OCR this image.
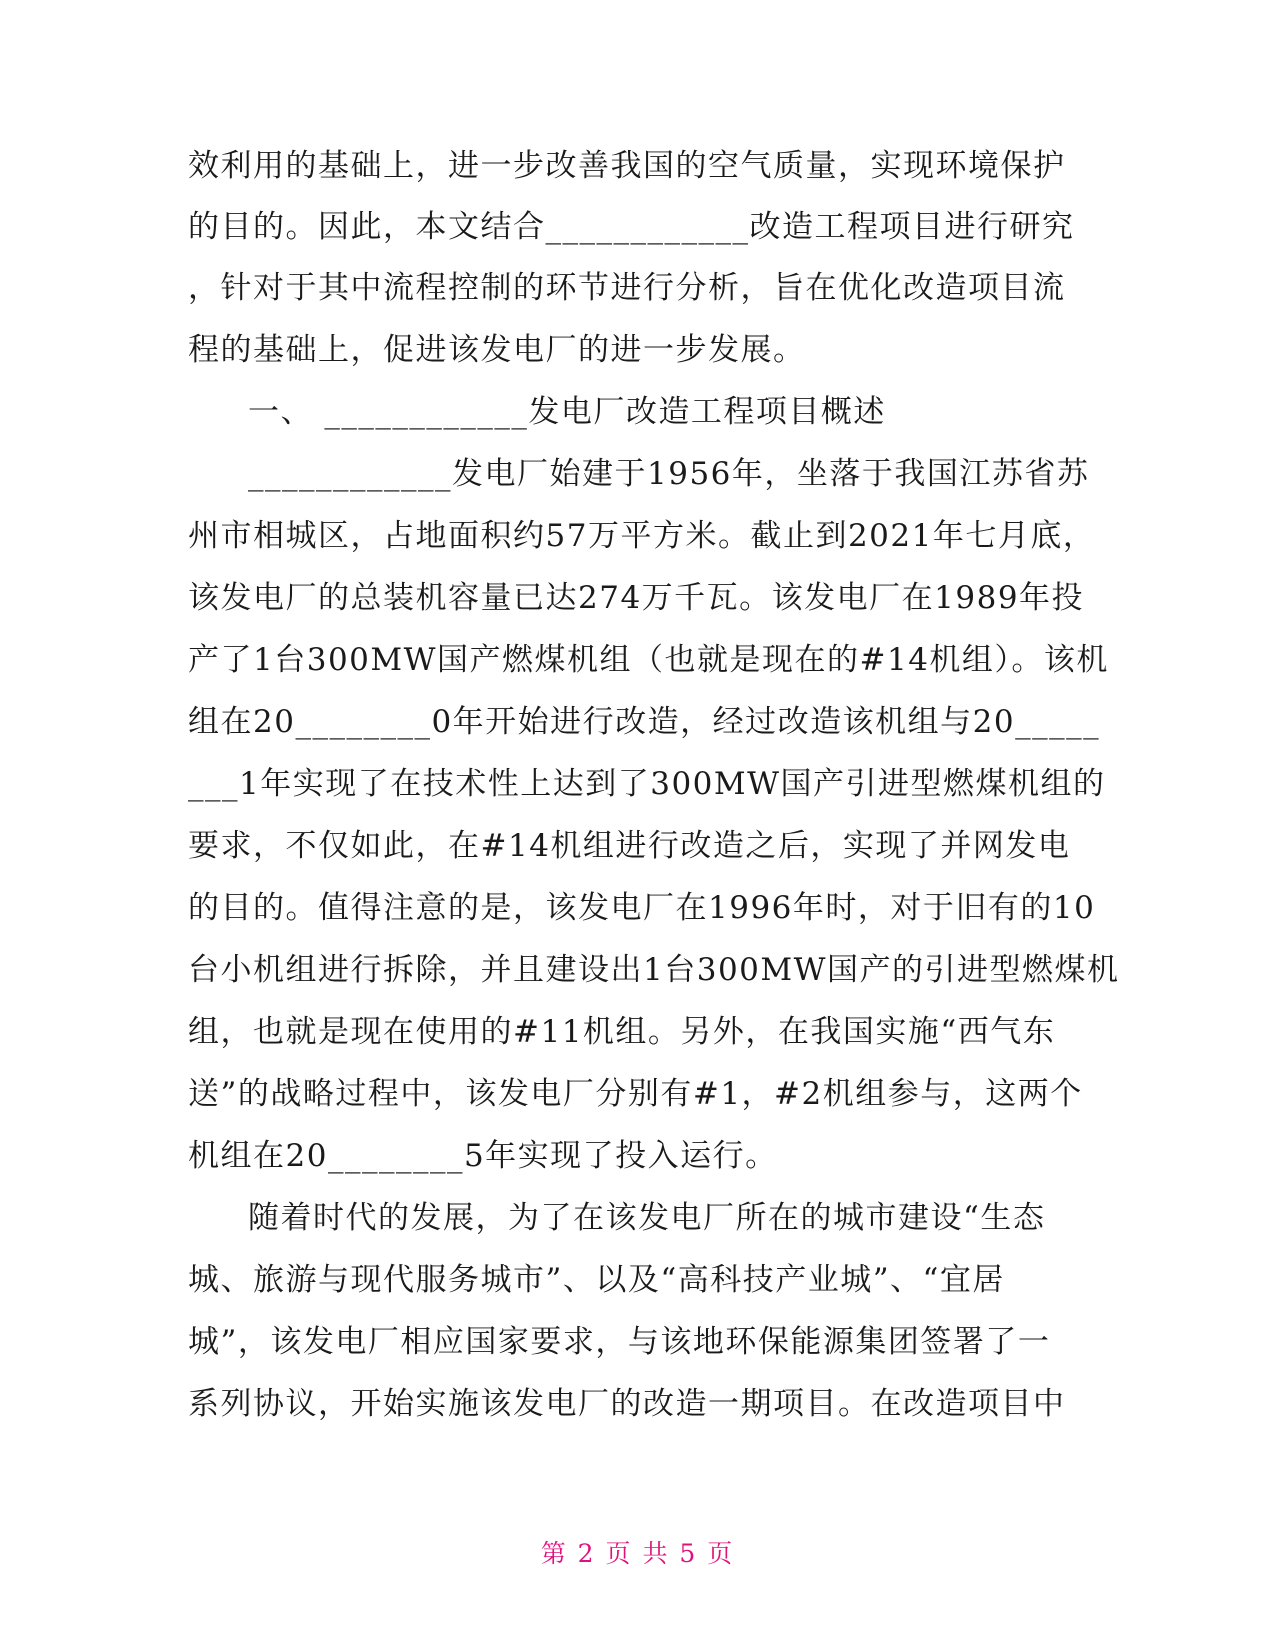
效利用的基础上，进一步改善我国的空气质量，实现环境保护
的目的。因此，本文结合____________改造工程项目进行研究
，针对于其中流程控制的环节进行分析，旨在优化改造项目流
程的基础上，促进该发电厂的进一步发展。
一、 ____________发电厂改造工程项目概述
____________发电厂始建于1956年，坐落于我国江苏省苏
州市相城区，占地面积约57万平方米。截止到2021年七月底，
该发电厂的总装机容量已达274万千瓦。该发电厂在1989年投
产了1台300MW国产燃煤机组（也就是现在的#14机组）。该机
组在20________0年开始进行改造，经过改造该机组与20_____
___1年实现了在技术性上达到了300MW国产引进型燃煤机组的
要求，不仅如此，在#14机组进行改造之后，实现了并网发电
的目的。值得注意的是，该发电厂在1996年时，对于旧有的10
台小机组进行拆除，并且建设出1台300MW国产的引进型燃煤机
组，也就是现在使用的#11机组。另外，在我国实施“西气东
送”的战略过程中，该发电厂分别有#1，#2机组参与，这两个
机组在20________5年实现了投入运行。
随着时代的发展，为了在该发电厂所在的城市建设“生态
城、旅游与现代服务城市”、以及“高科技产业城”、“宜居
城”，该发电厂相应国家要求，与该地环保能源集团签署了一
系列协议，开始实施该发电厂的改造一期项目。在改造项目中
第 2 页 共 5 页
